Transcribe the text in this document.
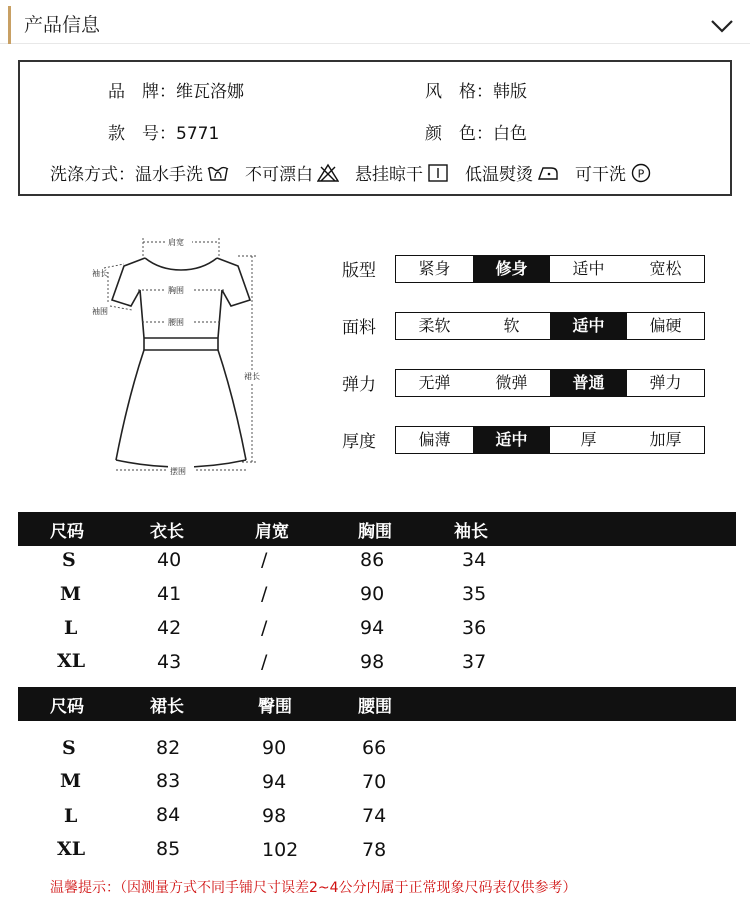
产品信息
品　牌：维瓦洛娜	风　格：韩版
款　号：5771	颜　色：白色
洗涤方式： 温水手洗 不可漂白 悬挂晾干 低温熨烫 可干洗 P
肩宽
胸围
腰围
袖长
袖围
裙长
摆围
版型	紧身	修身	适中	宽松
面料	柔软	软	适中	偏硬
弹力	无弹	微弹	普通	弹力
厚度	偏薄	适中	厚	加厚
尺码	衣长	肩宽	胸围	袖长
S	40	/	86	34
M	41	/	90	35
L	42	/	94	36
XL	43	/	98	37
尺码	裙长	臀围	腰围
S	82	90	66
M	83	94	70
L	84	98	74
XL	85	102	78
温馨提示：（因测量方式不同手铺尺寸误差2~4公分内属于正常现象尺码表仅供参考）
